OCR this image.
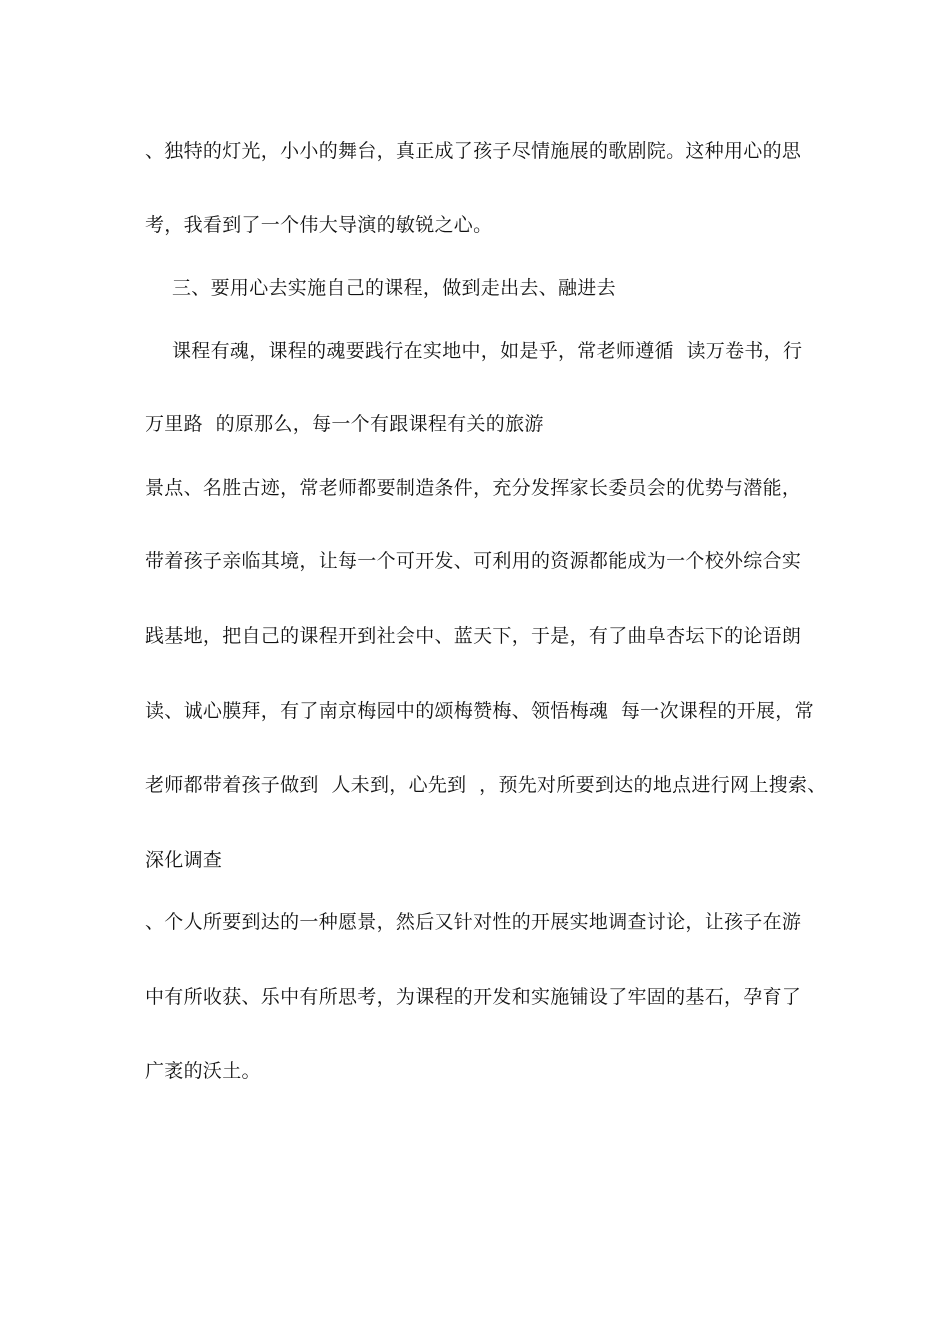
、独特的灯光，小小的舞台，真正成了孩子尽情施展的歌剧院。这种用心的思
考，我看到了一个伟大导演的敏锐之心。
三、要用心去实施自己的课程，做到走出去、融进去
课程有魂，课程的魂要践行在实地中，如是乎，常老师遵循  读万卷书，行
万里路  的原那么，每一个有跟课程有关的旅游
景点、名胜古迹，常老师都要制造条件，充分发挥家长委员会的优势与潜能，
带着孩子亲临其境，让每一个可开发、可利用的资源都能成为一个校外综合实
践基地，把自己的课程开到社会中、蓝天下，于是，有了曲阜杏坛下的论语朗
读、诚心膜拜，有了南京梅园中的颂梅赞梅、领悟梅魂  每一次课程的开展，常
老师都带着孩子做到  人未到，心先到  ，预先对所要到达的地点进行网上搜索、
深化调查
、个人所要到达的一种愿景，然后又针对性的开展实地调查讨论，让孩子在游
中有所收获、乐中有所思考，为课程的开发和实施铺设了牢固的基石，孕育了
广袤的沃土。
